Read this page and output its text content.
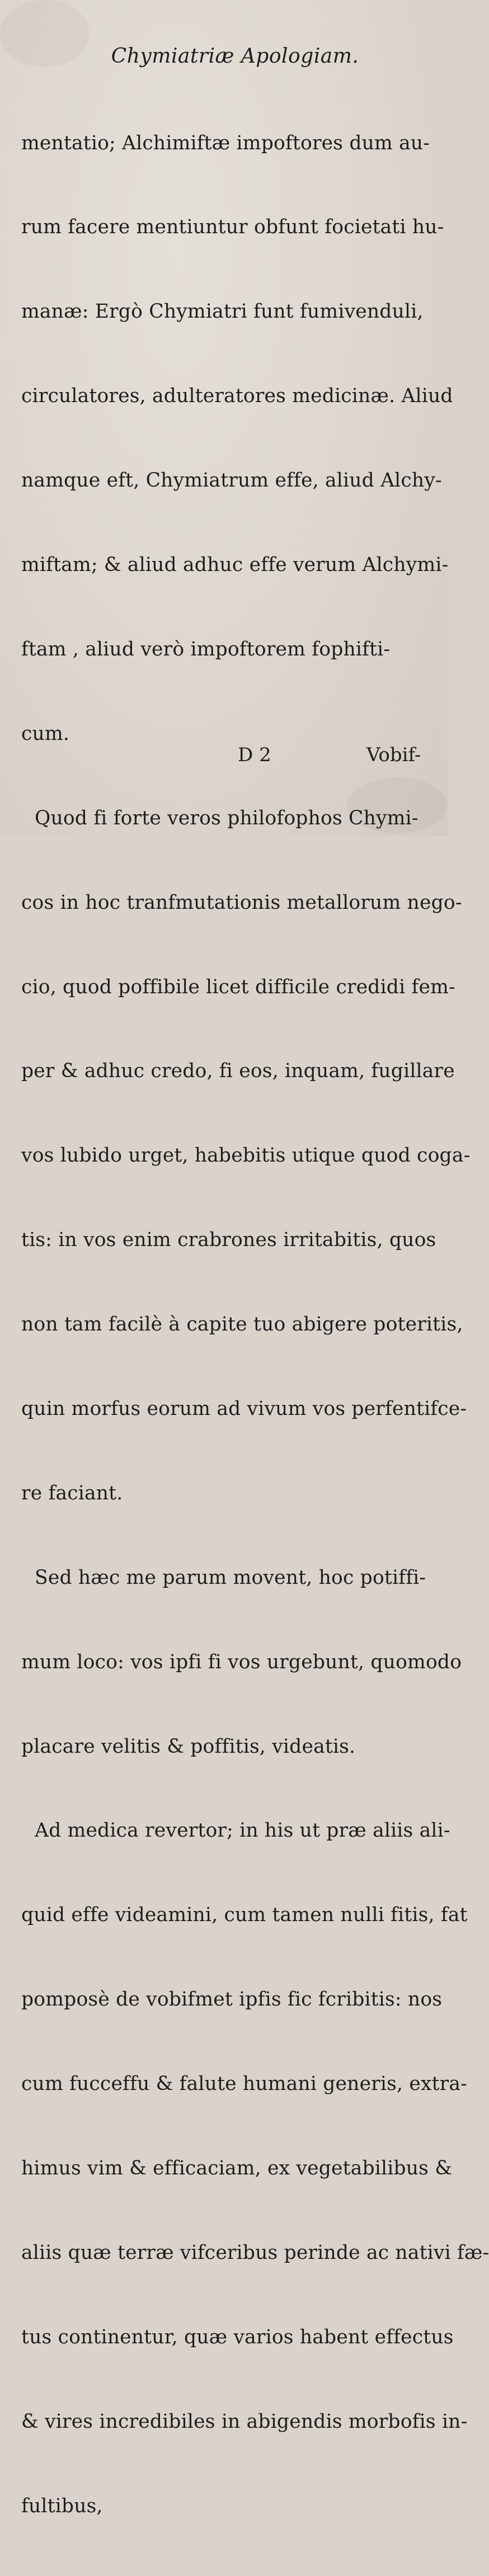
Chymiatriæ Apologiam.

mentatio; Alchimiftæ impoftores dum au-

rum facere mentiuntur obfunt focietati hu-

manæ: Ergò Chymiatri funt fumivenduli,

circulatores, adulteratores medicinæ. Aliud

namque eft, Chymiatrum effe, aliud Alchy-

miftam; & aliud adhuc effe verum Alchymi-

ftam , aliud verò impoftorem fophifti-

cum.

Quod fi forte veros philofophos Chymi-

cos in hoc tranfmutationis metallorum nego-

cio, quod poffibile licet difficile credidi fem-

per & adhuc credo, fi eos, inquam, fugillare

vos lubido urget, habebitis utique quod coga-

tis: in vos enim crabrones irritabitis, quos

non tam facilè à capite tuo abigere poteritis,

quin morfus eorum ad vivum vos perfentifce-

re faciant.

Sed hæc me parum movent, hoc potiffi-

mum loco: vos ipfi fi vos urgebunt, quomodo

placare velitis & poffitis, videatis.

Ad medica revertor; in his ut præ aliis ali-

quid effe videamini, cum tamen nulli fitis, fat

pomposè de vobifmet ipfis fic fcribitis: nos

cum fucceffu & falute humani generis, extra-

himus vim & efficaciam, ex vegetabilibus &

aliis quæ terræ vifceribus perinde ac nativi fæ-

tus continentur, quæ varios habent effectus

& vires incredibiles in abigendis morbofis in-

fultibus,

D 2	Vobif-
